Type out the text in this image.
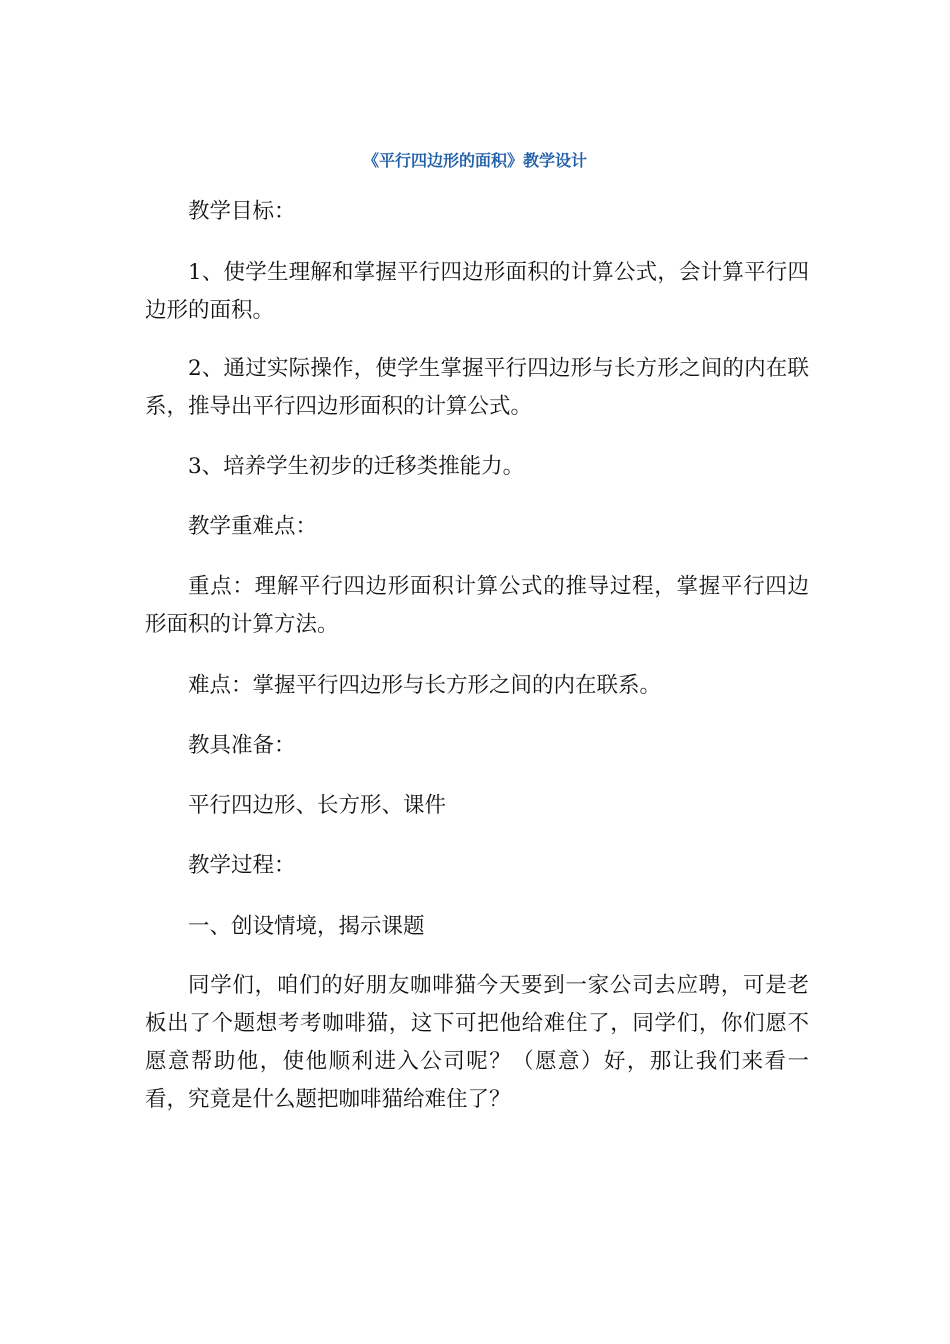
《平行四边形的面积》教学设计

教学目标：

1、使学生理解和掌握平行四边形面积的计算公式，会计算平行四边形的面积。

2、通过实际操作，使学生掌握平行四边形与长方形之间的内在联系，推导出平行四边形面积的计算公式。

3、培养学生初步的迁移类推能力。

教学重难点：

重点：理解平行四边形面积计算公式的推导过程，掌握平行四边形面积的计算方法。

难点：掌握平行四边形与长方形之间的内在联系。

教具准备：

平行四边形、长方形、课件

教学过程：

一、创设情境，揭示课题

同学们，咱们的好朋友咖啡猫今天要到一家公司去应聘，可是老板出了个题想考考咖啡猫，这下可把他给难住了，同学们，你们愿不愿意帮助他，使他顺利进入公司呢？（愿意）好，那让我们来看一看，究竟是什么题把咖啡猫给难住了？
